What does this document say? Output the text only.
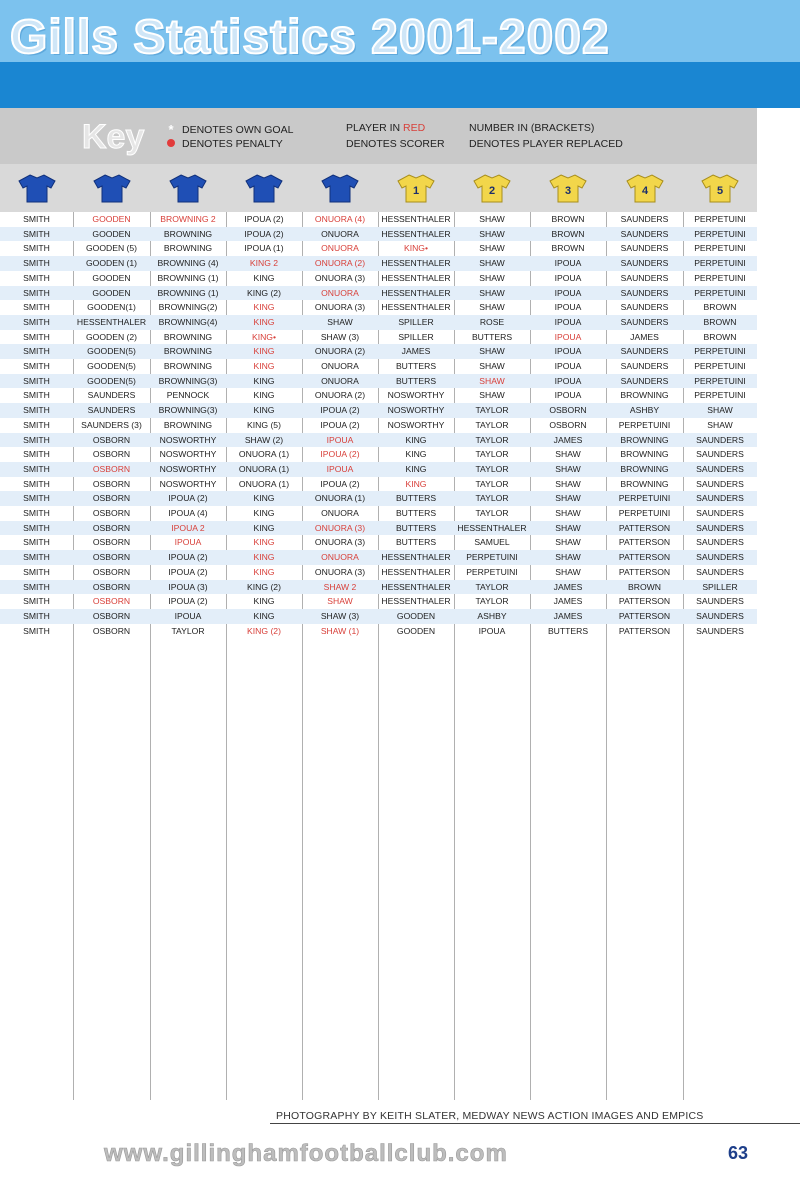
Gills Statistics 2001-2002
Key	* DENOTES OWN GOAL
DENOTES PENALTY
PLAYER IN RED
DENOTES SCORER
NUMBER IN (BRACKETS)
DENOTES PLAYER REPLACED
1	2	3	4	5
SMITH	GOODEN	BROWNING 2	IPOUA (2)	ONUORA (4)	HESSENTHALER	SHAW	BROWN	SAUNDERS	PERPETUINI
SMITH	GOODEN	BROWNING	IPOUA (2)	ONUORA	HESSENTHALER	SHAW	BROWN	SAUNDERS	PERPETUINI
SMITH	GOODEN (5)	BROWNING	IPOUA (1)	ONUORA	KING•	SHAW	BROWN	SAUNDERS	PERPETUINI
SMITH	GOODEN (1)	BROWNING (4)	KING 2	ONUORA (2)	HESSENTHALER	SHAW	IPOUA	SAUNDERS	PERPETUINI
SMITH	GOODEN	BROWNING (1)	KING	ONUORA (3)	HESSENTHALER	SHAW	IPOUA	SAUNDERS	PERPETUINI
SMITH	GOODEN	BROWNING (1)	KING (2)	ONUORA	HESSENTHALER	SHAW	IPOUA	SAUNDERS	PERPETUINI
SMITH	GOODEN(1)	BROWNING(2)	KING	ONUORA (3)	HESSENTHALER	SHAW	IPOUA	SAUNDERS	BROWN
SMITH	HESSENTHALER	BROWNING(4)	KING	SHAW	SPILLER	ROSE	IPOUA	SAUNDERS	BROWN
SMITH	GOODEN (2)	BROWNING	KING•	SHAW (3)	SPILLER	BUTTERS	IPOUA	JAMES	BROWN
SMITH	GOODEN(5)	BROWNING	KING	ONUORA (2)	JAMES	SHAW	IPOUA	SAUNDERS	PERPETUINI
SMITH	GOODEN(5)	BROWNING	KING	ONUORA	BUTTERS	SHAW	IPOUA	SAUNDERS	PERPETUINI
SMITH	GOODEN(5)	BROWNING(3)	KING	ONUORA	BUTTERS	SHAW	IPOUA	SAUNDERS	PERPETUINI
SMITH	SAUNDERS	PENNOCK	KING	ONUORA (2)	NOSWORTHY	SHAW	IPOUA	BROWNING	PERPETUINI
SMITH	SAUNDERS	BROWNING(3)	KING	IPOUA (2)	NOSWORTHY	TAYLOR	OSBORN	ASHBY	SHAW
SMITH	SAUNDERS (3)	BROWNING	KING (5)	IPOUA (2)	NOSWORTHY	TAYLOR	OSBORN	PERPETUINI	SHAW
SMITH	OSBORN	NOSWORTHY	SHAW (2)	IPOUA	KING	TAYLOR	JAMES	BROWNING	SAUNDERS
SMITH	OSBORN	NOSWORTHY	ONUORA (1)	IPOUA (2)	KING	TAYLOR	SHAW	BROWNING	SAUNDERS
SMITH	OSBORN	NOSWORTHY	ONUORA (1)	IPOUA	KING	TAYLOR	SHAW	BROWNING	SAUNDERS
SMITH	OSBORN	NOSWORTHY	ONUORA (1)	IPOUA (2)	KING	TAYLOR	SHAW	BROWNING	SAUNDERS
SMITH	OSBORN	IPOUA (2)	KING	ONUORA (1)	BUTTERS	TAYLOR	SHAW	PERPETUINI	SAUNDERS
SMITH	OSBORN	IPOUA (4)	KING	ONUORA	BUTTERS	TAYLOR	SHAW	PERPETUINI	SAUNDERS
SMITH	OSBORN	IPOUA 2	KING	ONUORA (3)	BUTTERS	HESSENTHALER	SHAW	PATTERSON	SAUNDERS
SMITH	OSBORN	IPOUA	KING	ONUORA (3)	BUTTERS	SAMUEL	SHAW	PATTERSON	SAUNDERS
SMITH	OSBORN	IPOUA (2)	KING	ONUORA	HESSENTHALER	PERPETUINI	SHAW	PATTERSON	SAUNDERS
SMITH	OSBORN	IPOUA (2)	KING	ONUORA (3)	HESSENTHALER	PERPETUINI	SHAW	PATTERSON	SAUNDERS
SMITH	OSBORN	IPOUA (3)	KING (2)	SHAW 2	HESSENTHALER	TAYLOR	JAMES	BROWN	SPILLER
SMITH	OSBORN	IPOUA (2)	KING	SHAW	HESSENTHALER	TAYLOR	JAMES	PATTERSON	SAUNDERS
SMITH	OSBORN	IPOUA	KING	SHAW (3)	GOODEN	ASHBY	JAMES	PATTERSON	SAUNDERS
SMITH	OSBORN	TAYLOR	KING (2)	SHAW (1)	GOODEN	IPOUA	BUTTERS	PATTERSON	SAUNDERS
PHOTOGRAPHY BY KEITH SLATER, MEDWAY NEWS ACTION IMAGES AND EMPICS
www.gillinghamfootballclub.com	63
